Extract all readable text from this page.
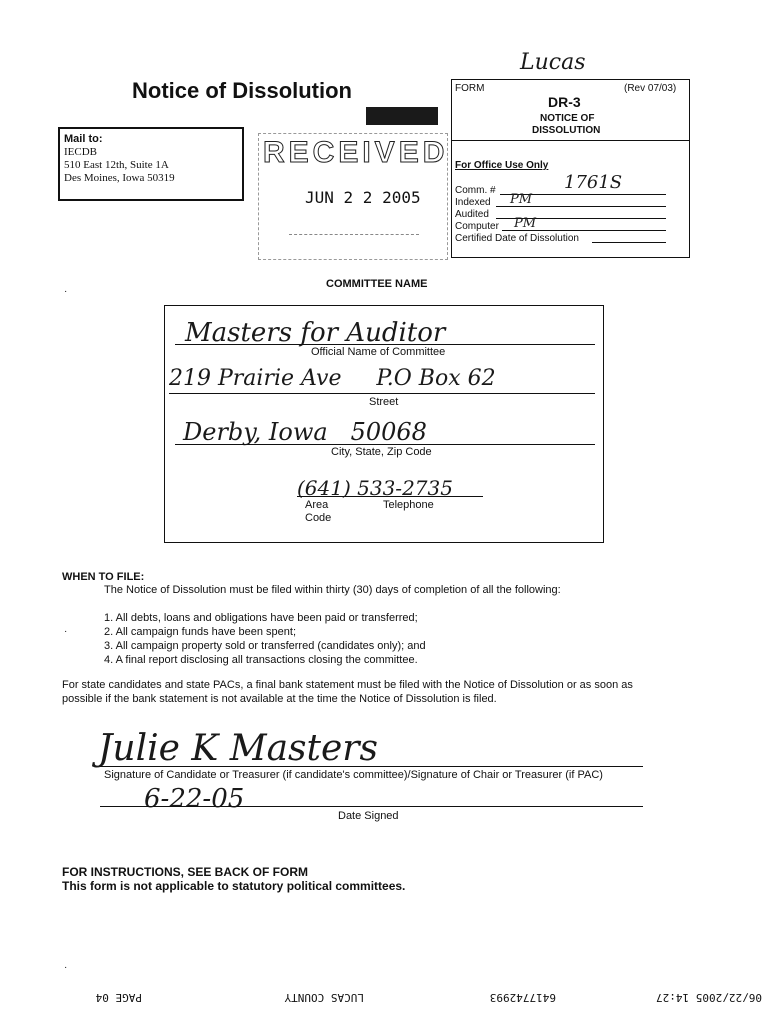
Lucas
Notice of Dissolution
Mail to:
IECDB
510 East 12th, Suite 1A
Des Moines, Iowa 50319
RECEIVED
JUN 2 2 2005
FORM	(Rev 07/03)
DR-3
NOTICE OF
DISSOLUTION
For Office Use Only
Comm. #	1761S
Indexed PM
Audited
Computer PM
Certified Date of Dissolution
COMMITTEE NAME
·
Masters for Auditor
Official Name of Committee
219 Prairie Ave     P.O Box 62
Street
Derby, Iowa   50068
City, State, Zip Code
(641) 533-2735
Area
Code
Telephone
WHEN TO FILE:
The Notice of Dissolution must be filed within thirty (30) days of completion of all the following:
1. All debts, loans and obligations have been paid or transferred;
2. All campaign funds have been spent;
3. All campaign property sold or transferred (candidates only); and
4. A final report disclosing all transactions closing the committee.
·
For state candidates and state PACs, a final bank statement must be filed with the Notice of Dissolution or as soon as
possible if the bank statement is not available at the time the Notice of Dissolution is filed.
Julie K Masters
Signature of Candidate or Treasurer (if candidate's committee)/Signature of Chair or Treasurer (if PAC)
6-22-05
Date Signed
FOR INSTRUCTIONS, SEE BACK OF FORM
This form is not applicable to statutory political committees.
·
06/22/2005 14:27
6417742993
LUCAS COUNTY
PAGE 04
